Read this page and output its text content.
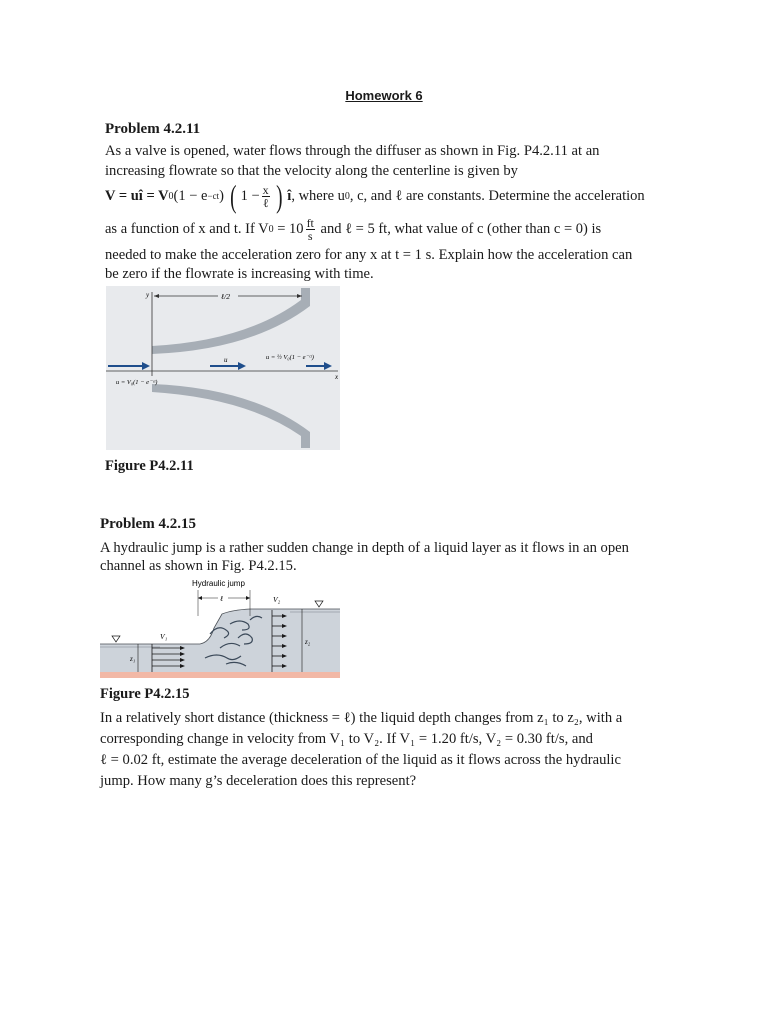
Homework 6
Problem 4.2.11
As a valve is opened, water flows through the diffuser as shown in Fig. P4.2.11 at an
increasing flowrate so that the velocity along the centerline is given by
V = uî = V 0 (1 − e −ct ) ( $1 - \frac{x}{\text{ℓ}}$ ) î , where u 0 , c, and ℓ are constants. Determine the acceleration
as a function of x and t. If V $0 = 10 \frac{ft}{s}$ and ℓ = 5 ft, what value of c (other than c = 0) is
needed to make the acceleration zero for any x at t = 1 s. Explain how the acceleration can
be zero if the flowrate is increasing with time.
y	ℓ/2
x
u	u = ½ V₀(1 − e⁻ᶜᵗ)
u = V₀(1 − e⁻ᶜᵗ)
Figure P4.2.11
Problem 4.2.15
A hydraulic jump is a rather sudden change in depth of a liquid layer as it flows in an open
channel as shown in Fig. P4.2.15.
z₁
z₂
V₁
V₂
Hydraulic jump
ℓ
Figure P4.2.15
In a relatively short distance (thickness = ℓ) the liquid depth changes from z₁ to z₂, with a
corresponding change in velocity from V₁ to V₂. If V₁ = 1.20 ft/s, V₂ = 0.30 ft/s, and
ℓ = 0.02 ft, estimate the average deceleration of the liquid as it flows across the hydraulic
jump. How many g’s deceleration does this represent?
